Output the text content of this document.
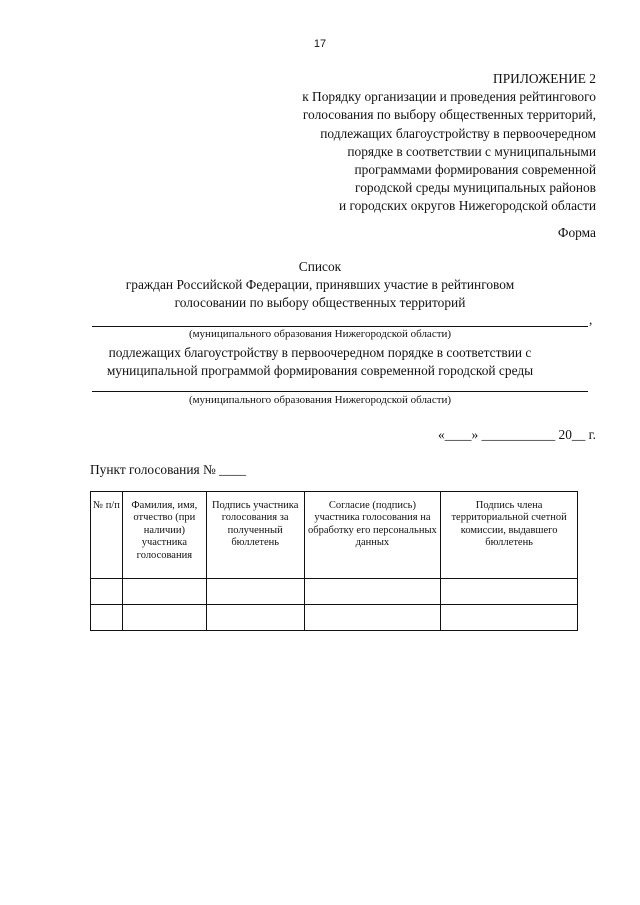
17
ПРИЛОЖЕНИЕ 2
к Порядку организации и проведения рейтингового
голосования по выбору общественных территорий,
подлежащих благоустройству в первоочередном
порядке в соответствии с муниципальными
программами формирования современной
городской среды муниципальных районов
и городских округов Нижегородской области
Форма
Список
граждан Российской Федерации, принявших участие в рейтинговом
голосовании по выбору общественных территорий
,
(муниципального образования Нижегородской области)
подлежащих благоустройству в первоочередном порядке в соответствии с
муниципальной программой формирования современной городской среды
(муниципального образования Нижегородской области)
«____» ___________ 20__ г.
Пункт голосования № ____
№ п/п	Фамилия, имя, отчество (при наличии) участника голосования	Подпись участника голосования за полученный бюллетень	Согласие (подпись) участника голосования на обработку его персональных данных	Подпись члена территориальной счетной комиссии, выдавшего бюллетень
